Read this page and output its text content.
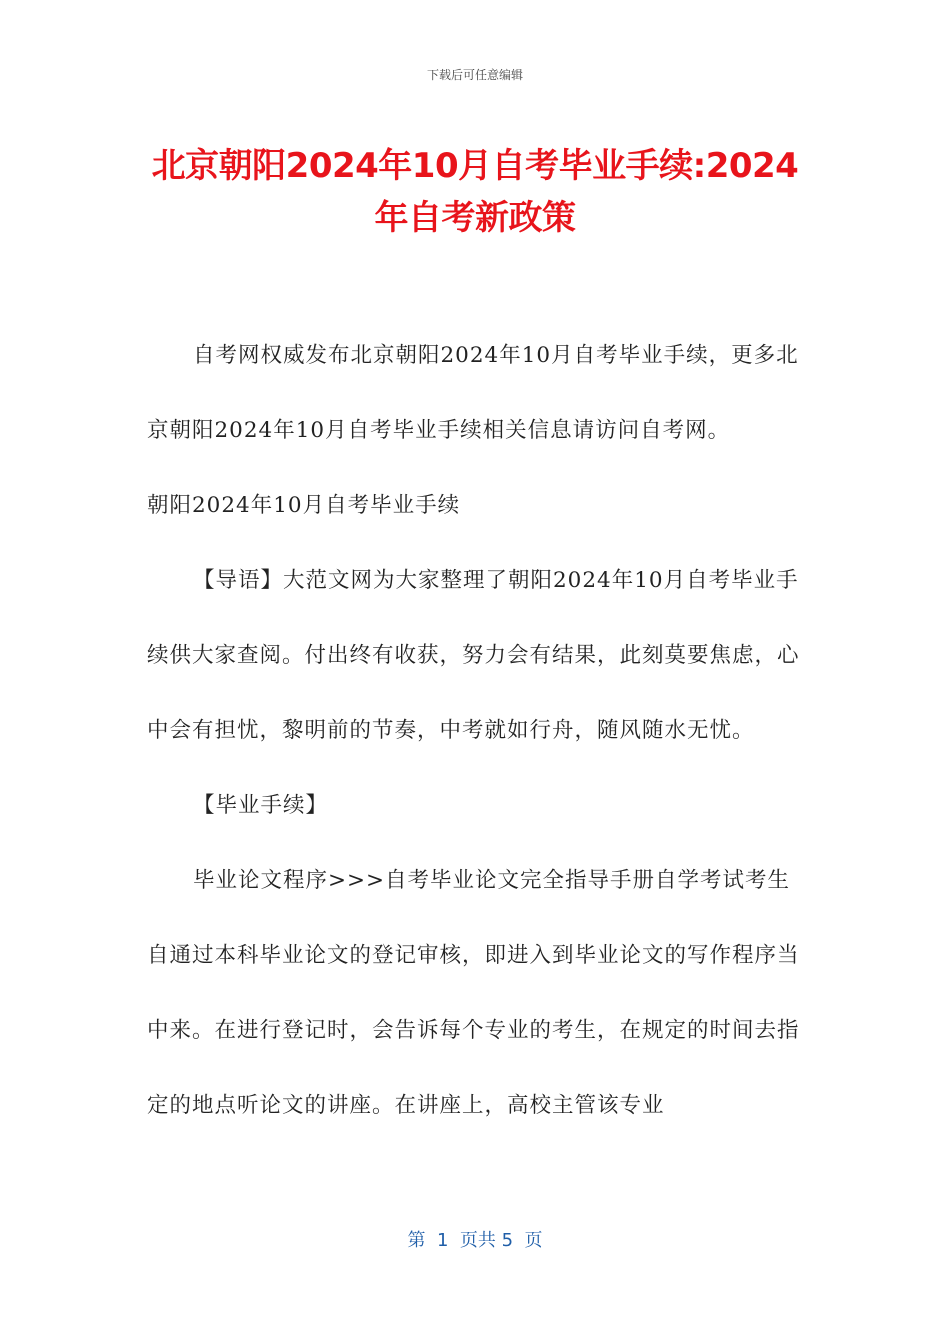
下载后可任意编辑
北京朝阳2024年10月自考毕业手续:2024年自考新政策

自考网权威发布北京朝阳2024年10月自考毕业手续，更多北京朝阳2024年10月自考毕业手续相关信息请访问自考网。

朝阳2024年10月自考毕业手续

【导语】大范文网为大家整理了朝阳2024年10月自考毕业手续供大家查阅。付出终有收获，努力会有结果，此刻莫要焦虑，心中会有担忧，黎明前的节奏，中考就如行舟，随风随水无忧。

【毕业手续】

毕业论文程序>>>自考毕业论文完全指导手册自学考试考生自通过本科毕业论文的登记审核，即进入到毕业论文的写作程序当中来。在进行登记时，会告诉每个专业的考生，在规定的时间去指定的地点听论文的讲座。在讲座上，高校主管该专业

第  1  页共 5  页
